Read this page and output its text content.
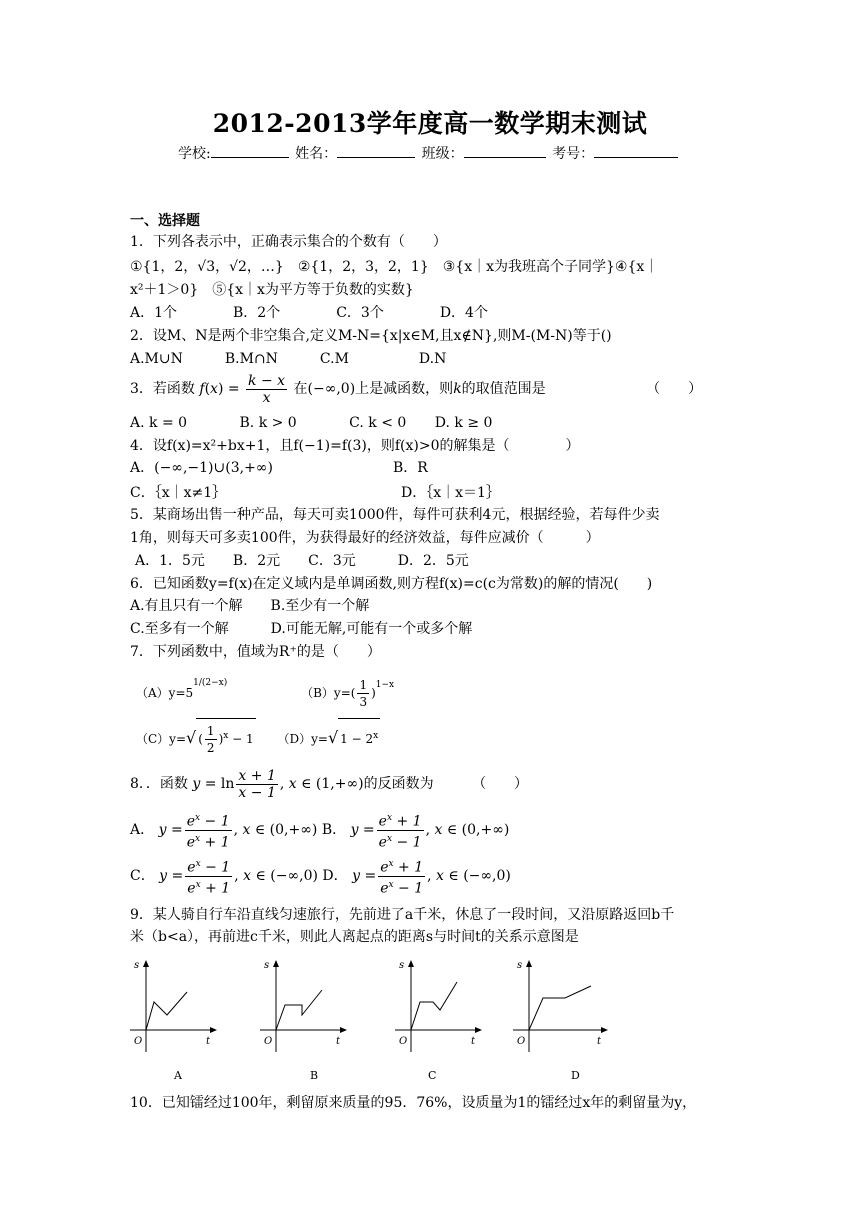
2012-2013学年度高一数学期末测试
学校:	姓名：	班级：	考号：
一、选择题
1．下列各表示中，正确表示集合的个数有（　　）
①{1，2，√3，√2，…}　②{1，2，3，2，1}　③{x｜x为我班高个子同学}④{x｜
x²＋1＞0}　⑤{x｜x为平方等于负数的实数}
A．1个　　　　B．2个　　　　C．3个　　　　D．4个
2．设M、N是两个非空集合,定义M-N={x|x∈M,且x∉N},则M-(M-N)等于()
A.M∪N　　　B.M∩N　　　C.M　　　　　D.N
3．若函数 $f(x) = \frac{k - x}{x}$ 在(−∞,0)上是减函数，则k的取值范围是	（　　）
A. k = 0	B. k > 0	C. k < 0 D. k ≥ 0
4．设f(x)=x²+bx+1，且f(−1)=f(3)，则f(x)>0的解集是（　　　　）
A．(−∞,−1)∪(3,+∞)	B．R
C．｛x｜x≠1｝	D．｛x｜x＝1｝
5．某商场出售一种产品，每天可卖1000件，每件可获利4元，根据经验，若每件少卖
1角，则每天可多卖100件，为获得最好的经济效益，每件应减价（　　　）
A．1．5元　　B．2元　　C．3元　　　D．2．5元
6．已知函数y=f(x)在定义域内是单调函数,则方程f(x)=c(c为常数)的解的情况(　　)
A.有且只有一个解　　B.至少有一个解
C.至多有一个解　　　D.可能无解,可能有一个或多个解
7．下列函数中，值域为R⁺的是（　　）
$(A)y=5^{1/(2-x)}$ $(B)y=( \frac{1}{3} )^{1-x}$
（C）y=√ ( $\frac{1}{2} )^x - 1$ （D）y=√ $1 - 2^x$
8．．函数 $y = \ln \frac{x + 1}{x - 1}$ , x ∈ (1,+∞)的反函数为	（　　）
A． $y = \frac{e^x - 1}{e^x + 1}$ , x ∈ (0,+∞) B． $y = \frac{e^x + 1}{e^x - 1}$ , x ∈ (0,+∞)
C． $y = \frac{e^x - 1}{e^x + 1}$ , x ∈ (−∞,0) D． $y = \frac{e^x + 1}{e^x - 1}$ , x ∈ (−∞,0)
9．某人骑自行车沿直线匀速旅行，先前进了a千米，休息了一段时间，又沿原路返回b千
米（b<a），再前进c千米，则此人离起点的距离s与时间t的关系示意图是
s
t
O
s
t
O
s
t
O
s
t
O
A	B	C	D
10．已知镭经过100年，剩留原来质量的95．76%，设质量为1的镭经过x年的剩留量为y，
